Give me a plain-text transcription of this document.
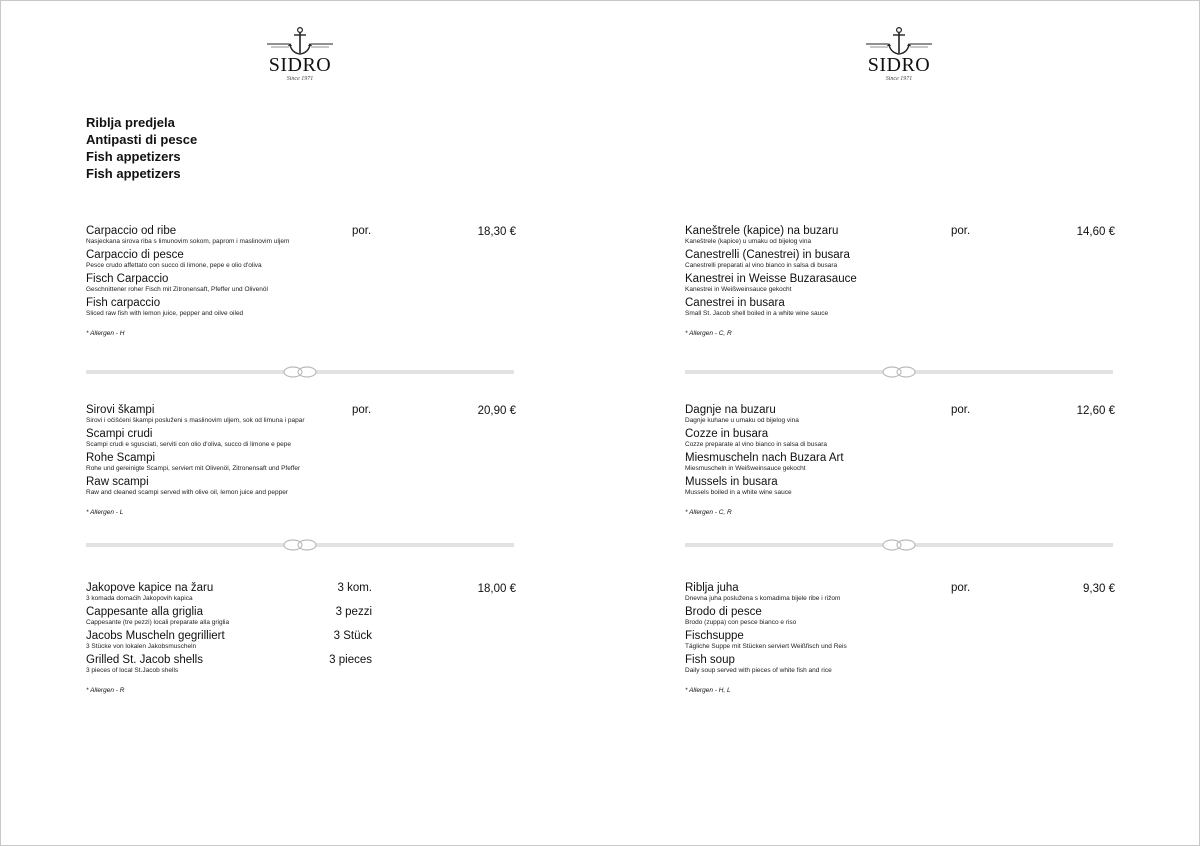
SIDRO
Since 1971
Riblja predjela
Antipasti di pesce
Fish appetizers
Fish appetizers
Carpaccio od ribe	por.	18,30 €
Nasjeckana sirova riba s limunovim sokom, paprom i maslinovim uljem
Carpaccio di pesce
Pesce crudo affettato con succo di limone, pepe e olio d'oliva
Fisch Carpaccio
Geschnittener roher Fisch mit Zitronensaft, Pfeffer und Olivenöl
Fish carpaccio
Sliced raw fish with lemon juice, pepper and oilve oiled
* Allergen - H
Sirovi škampi	por.	20,90 €
Sirovi i očišćeni škampi posluženi s maslinovim uljem, sok od limuna i papar
Scampi crudi
Scampi crudi e sgusciati, serviti con olio d'oliva, succo di limone e pepe
Rohe Scampi
Rohe und gereinigte Scampi, serviert mit Olivenöl, Zitronensaft und Pfeffer
Raw scampi
Raw and cleaned scampi served with olive oil, lemon juice and pepper
* Allergen - L
Jakopove kapice na žaru	3 kom.	18,00 €
3 komada domaćih Jakopovih kapica
Cappesante alla griglia	3 pezzi
Cappesante (tre pezzi) locali preparate alla griglia
Jacobs Muscheln gegrilliert	3 Stück
3 Stücke von lokalen Jakobsmuscheln
Grilled St. Jacob shells	3 pieces
3 pieces of local St.Jacob shells
* Allergen - R
SIDRO
Since 1971
Kaneštrele (kapice) na buzaru	por.	14,60 €
Kaneštrele (kapice) u umaku od bijelog vina
Canestrelli (Canestrei) in busara
Canestrelli preparati al vino bianco in salsa di busara
Kanestrei in Weisse Buzarasauce
Kanestrei in Weißweinsauce gekocht
Canestrei in busara
Small St. Jacob shell boiled in a white wine sauce
* Allergen - C, R
Dagnje na buzaru	por.	12,60 €
Dagnje kuhane u umaku od bijelog vina
Cozze in busara
Cozze preparate al vino bianco in salsa di busara
Miesmuscheln nach Buzara Art
Miesmuscheln in Weißweinsauce gekocht
Mussels in busara
Mussels boiled in a white wine sauce
* Allergen - C, R
Riblja juha	por.	9,30 €
Dnevna juha poslužena s komadima bijele ribe i rižom
Brodo di pesce
Brodo (zuppa) con pesce bianco e riso
Fischsuppe
Tägliche Suppe mit Stücken serviert Weißfisch und Reis
Fish soup
Daily soup served with pieces of white fish and rice
* Allergen - H, L
